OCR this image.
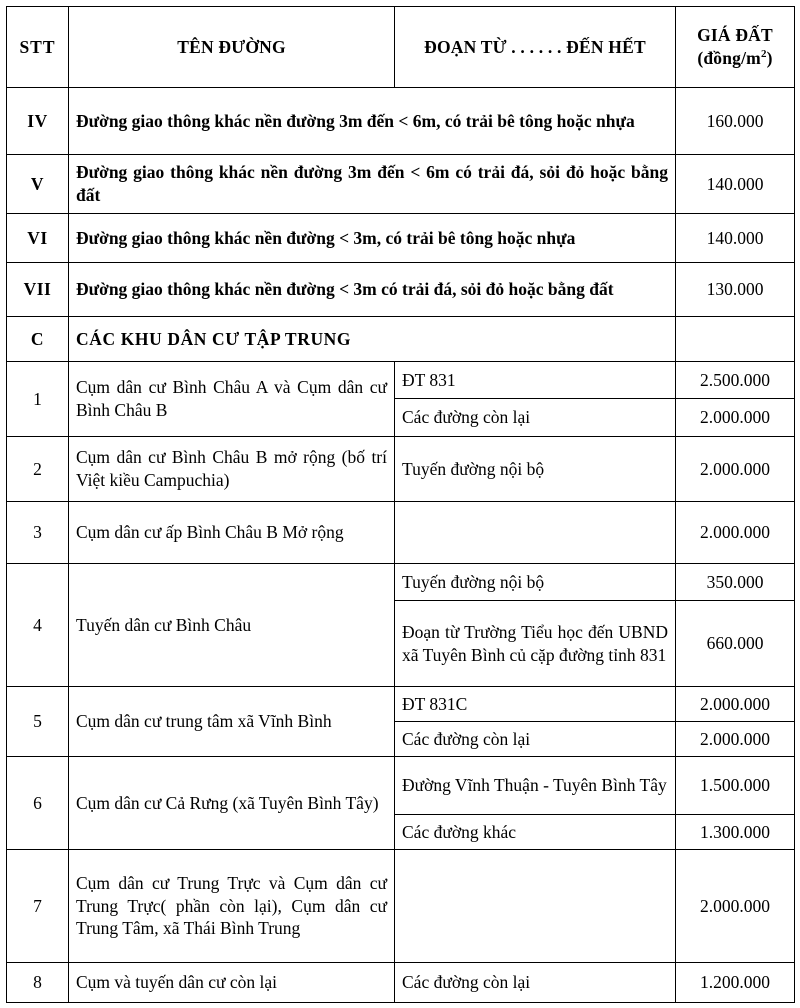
STT	TÊN ĐƯỜNG	ĐOẠN TỪ . . . . . . ĐẾN HẾT	GIÁ ĐẤT
$(đồng/m^2)$
IV	Đường giao thông khác nền đường 3m đến < 6m, có trải bê tông hoặc nhựa		160.000
V	Đường giao thông khác nền đường 3m đến < 6m có trải đá, sỏi đỏ hoặc bằng đất		140.000
VI	Đường giao thông khác nền đường < 3m, có trải bê tông hoặc nhựa		140.000
VII	Đường giao thông khác nền đường < 3m có trải đá, sỏi đỏ hoặc bằng đất		130.000
C	CÁC KHU DÂN CƯ TẬP TRUNG		
1	Cụm dân cư Bình Châu A và Cụm dân cư Bình Châu B	ĐT 831	2.500.000
		Các đường còn lại	2.000.000
2	Cụm dân cư Bình Châu B mở rộng (bố trí Việt kiều Campuchia)	Tuyến đường nội bộ	2.000.000
3	Cụm dân cư ấp Bình Châu B Mở rộng		2.000.000
4	Tuyến dân cư Bình Châu	Tuyến đường nội bộ	350.000
		Đoạn từ Trường Tiểu học đến UBND xã Tuyên Bình củ cặp đường tỉnh 831	660.000
5	Cụm dân cư trung tâm xã Vĩnh Bình	ĐT 831C	2.000.000
		Các đường còn lại	2.000.000
6	Cụm dân cư Cả Rưng (xã Tuyên Bình Tây)	Đường Vĩnh Thuận - Tuyên Bình Tây	1.500.000
		Các đường khác	1.300.000
7	Cụm dân cư Trung Trực và Cụm dân cư Trung Trực( phần còn lại), Cụm dân cư Trung Tâm, xã Thái Bình Trung		2.000.000
8	Cụm và tuyến dân cư còn lại	Các đường còn lại	1.200.000
